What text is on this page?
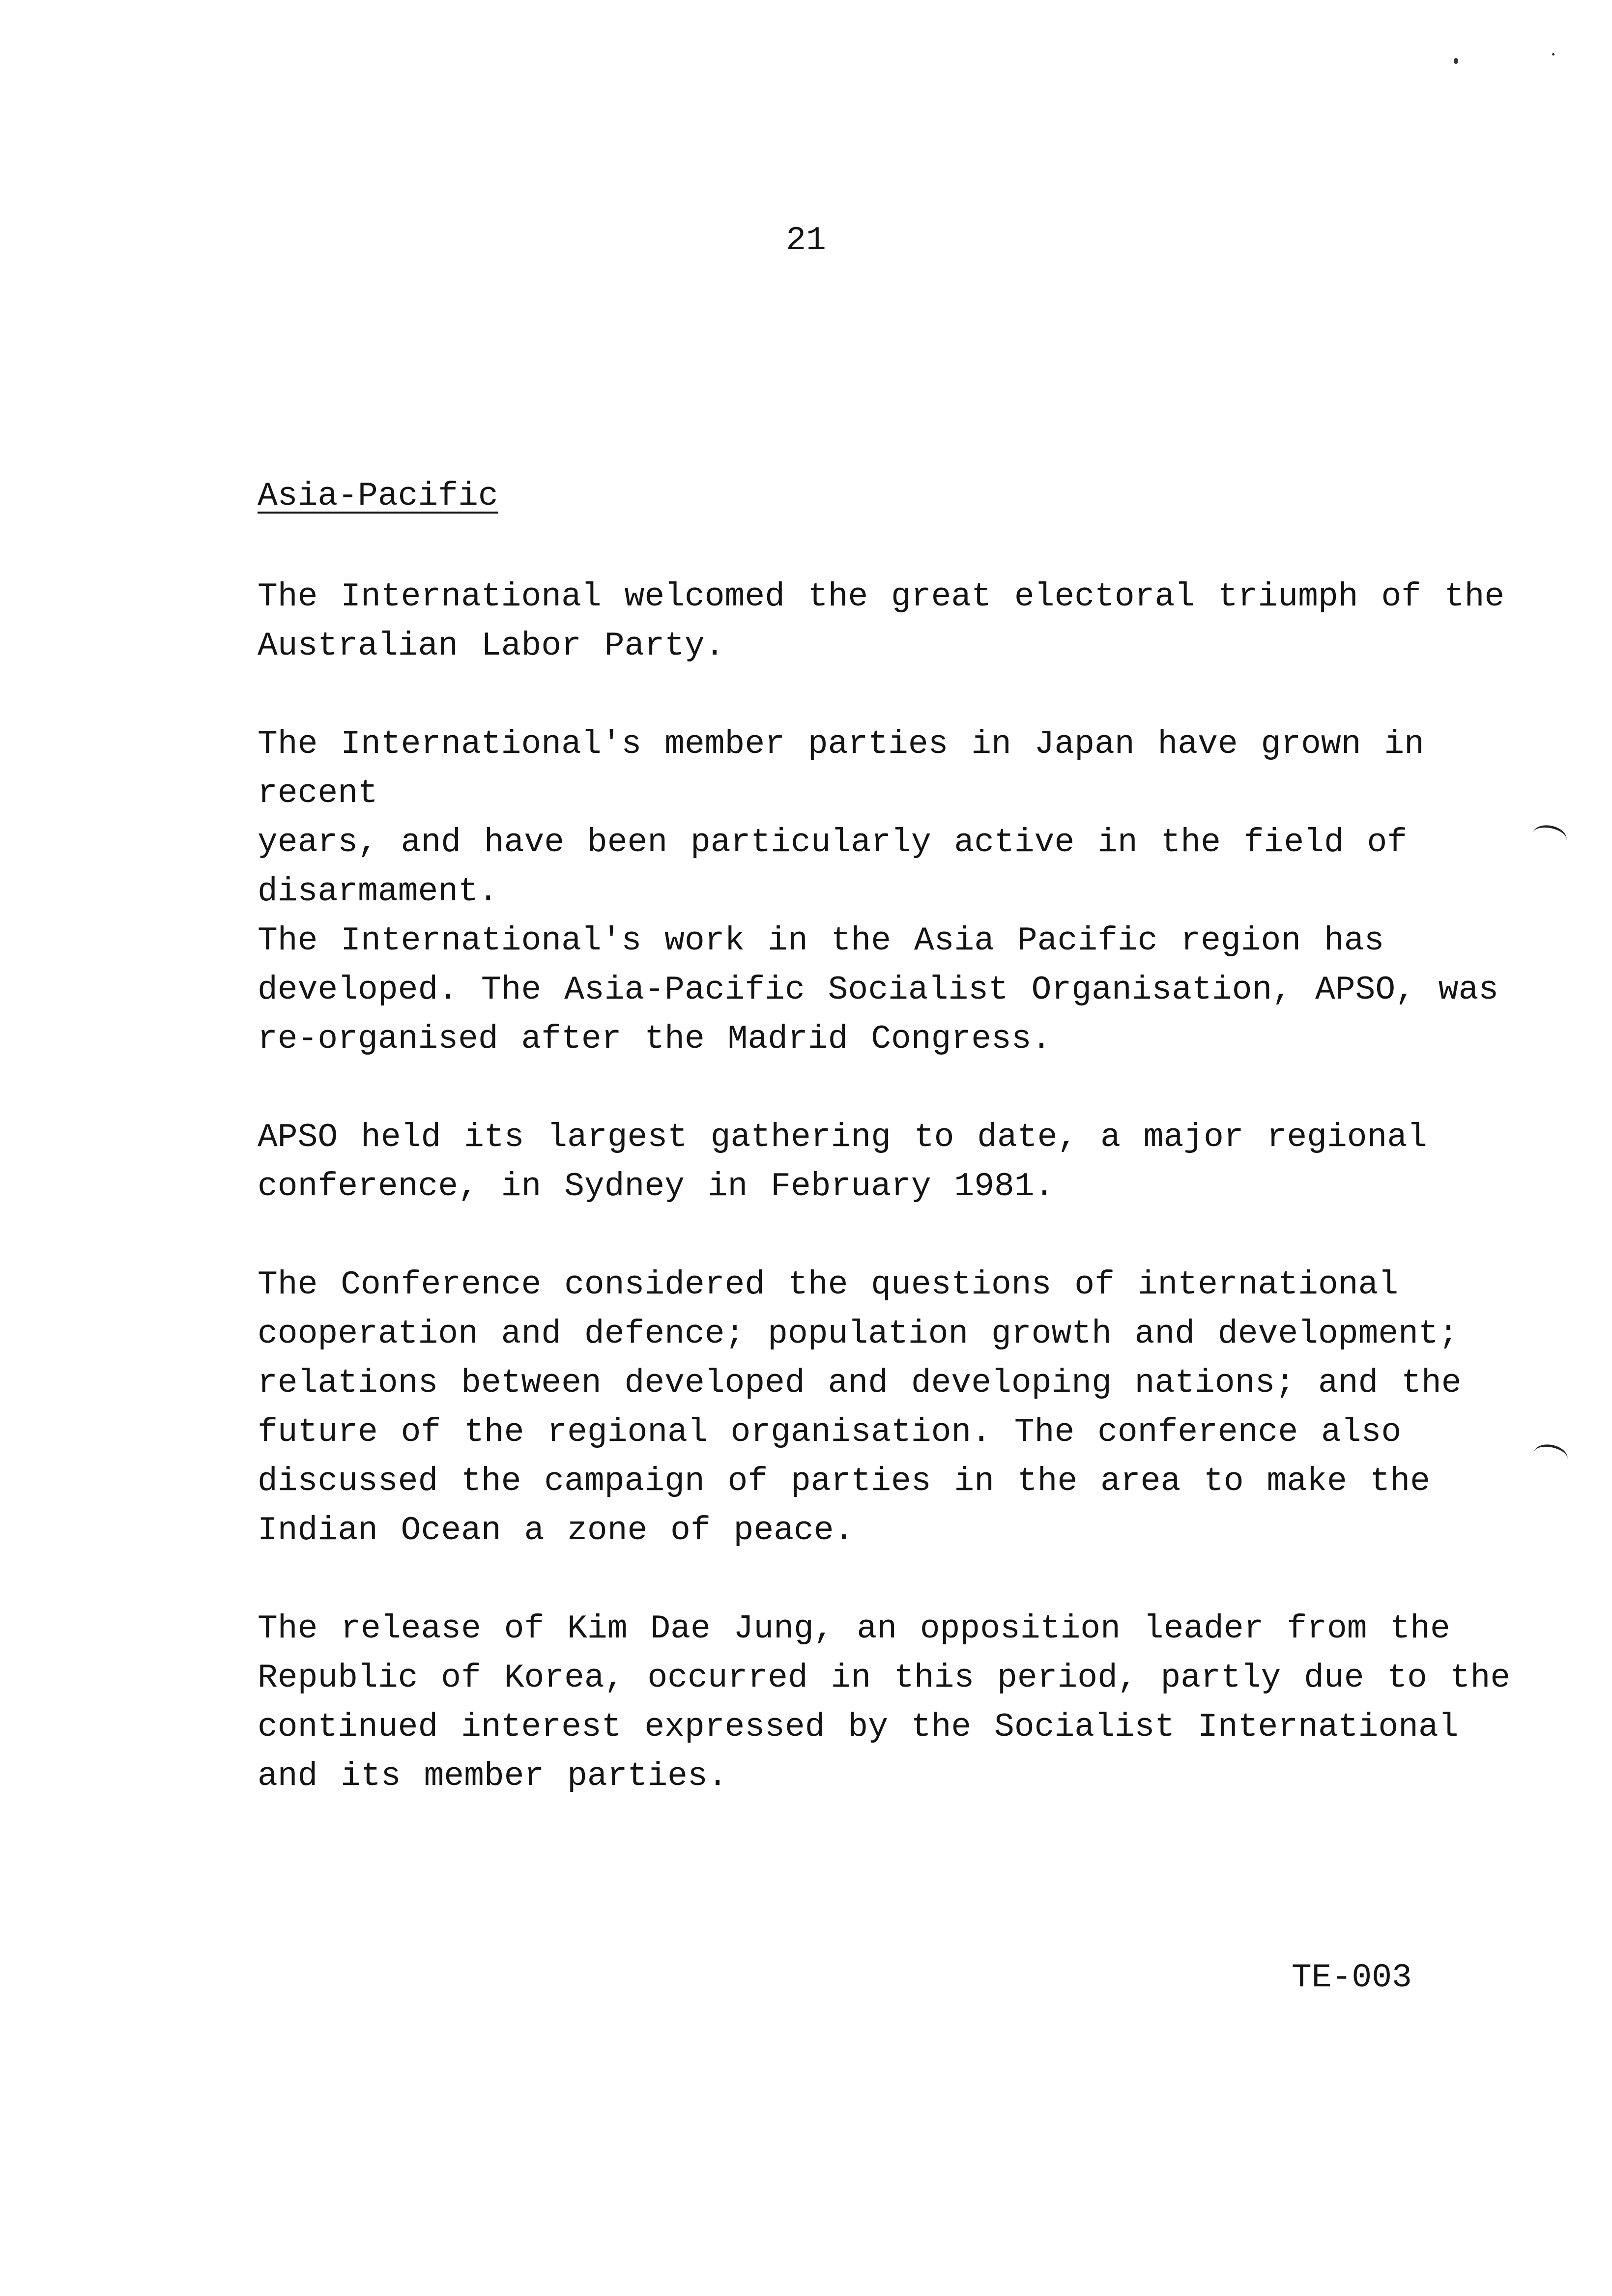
21
Asia-Pacific

The International welcomed the great electoral triumph of the
Australian Labor Party.

The International's member parties in Japan have grown in recent
years, and have been particularly active in the field of
disarmament.

The International's work in the Asia Pacific region has
developed. The Asia-Pacific Socialist Organisation, APSO, was
re-organised after the Madrid Congress.

APSO held its largest gathering to date, a major regional
conference, in Sydney in February 1981.

The Conference considered the questions of international
cooperation and defence; population growth and development;
relations between developed and developing nations; and the
future of the regional organisation. The conference also
discussed the campaign of parties in the area to make the
Indian Ocean a zone of peace.

The release of Kim Dae Jung, an opposition leader from the
Republic of Korea, occurred in this period, partly due to the
continued interest expressed by the Socialist International
and its member parties.

TE-003
